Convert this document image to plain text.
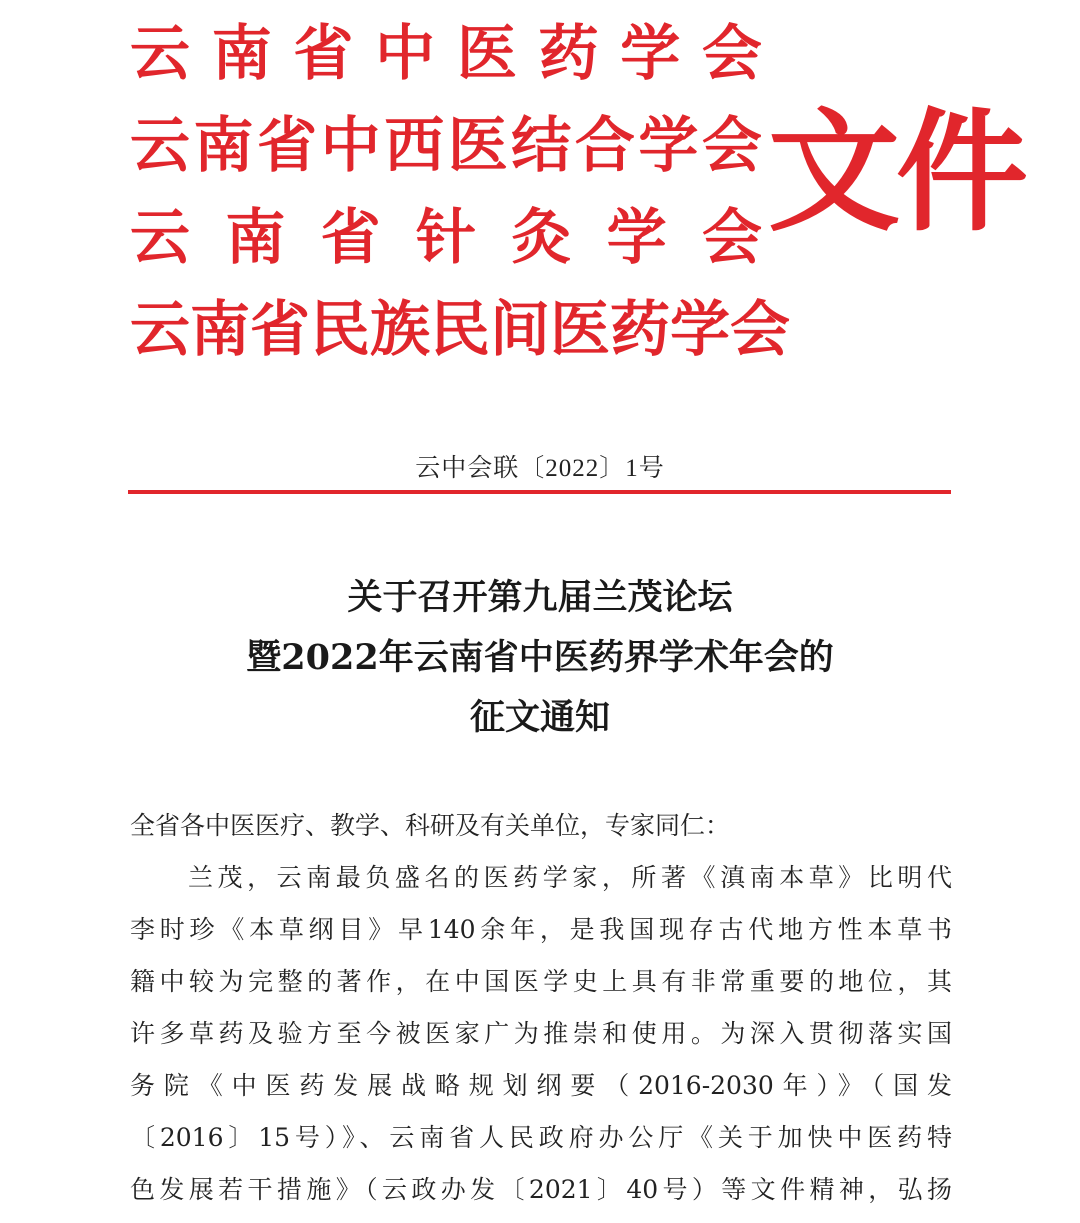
云 南 省 中 医 药 学 会
云 南 省 中 西 医 结 合 学 会
云 南 省 针 灸 学 会
云 南 省 民 族 民 间 医 药 学 会
文件
云中会联〔2022〕1号
关于召开第九届兰茂论坛
暨2022年云南省中医药界学术年会的
征文通知
全省各中医医疗、教学、科研及有关单位，专家同仁：
兰茂，云南最负盛名的医药学家，所著《滇南本草》比明代
李时珍《本草纲目》早140余年，是我国现存古代地方性本草书
籍中较为完整的著作，在中国医学史上具有非常重要的地位，其
许多草药及验方至今被医家广为推崇和使用。为深入贯彻落实国
务院《中医药发展战略规划纲要（2016-2030年）》（国发
〔2016〕15号）》、云南省人民政府办公厅《关于加快中医药特
色发展若干措施》（云政办发〔2021〕40号）等文件精神，弘扬
